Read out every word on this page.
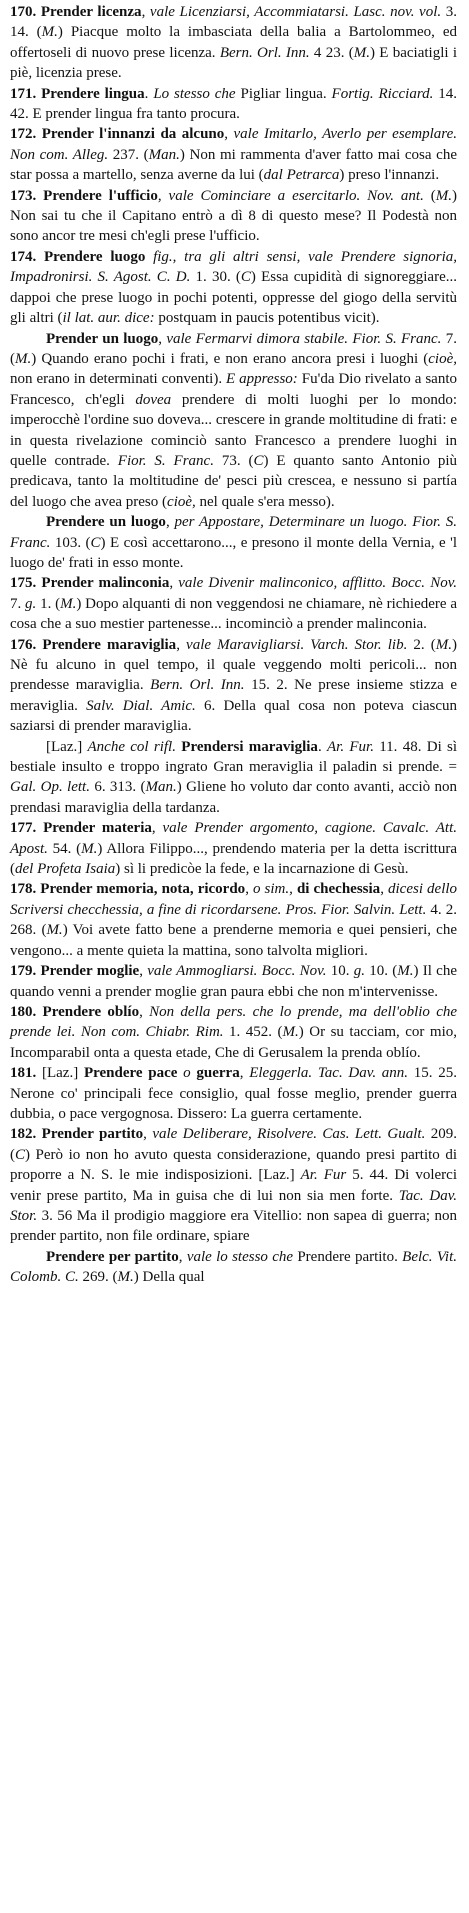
170. Prender licenza, vale Licenziarsi, Accommiatarsi. Lasc. nov. vol. 3. 14. (M.) Piacque molto la imbasciata della balia a Bartolommeo, ed offertoseli di nuovo prese licenza. Bern. Orl. Inn. 4 23. (M.) E baciatigli i piè, licenzia prese.

171. Prendere lingua. Lo stesso che Pigliar lingua. Fortig. Ricciard. 14. 42. E prender lingua fra tanto procura.

172. Prender l'innanzi da alcuno, vale Imitarlo, Averlo per esemplare. Non com. Alleg. 237. (Man.) Non mi rammenta d'aver fatto mai cosa che star possa a martello, senza averne da lui (dal Petrarca) preso l'innanzi.

173. Prendere l'ufficio, vale Cominciare a esercitarlo. Nov. ant. (M.) Non sai tu che il Capitano entrò a dì 8 di questo mese? Il Podestà non sono ancor tre mesi ch'egli prese l'ufficio.

174. Prendere luogo fig., tra gli altri sensi, vale Prendere signoria, Impadronirsi. S. Agost. C. D. 1. 30. (C) Essa cupidità di signoreggiare... dappoi che prese luogo in pochi potenti, oppresse del giogo della servitù gli altri (il lat. aur. dice: postquam in paucis potentibus vicit).

Prender un luogo, vale Fermarvi dimora stabile. Fior. S. Franc. 7. (M.) Quando erano pochi i frati, e non erano ancora presi i luoghi (cioè, non erano in determinati conventi). E appresso: Fu'da Dio rivelato a santo Francesco, ch'egli dovea prendere di molti luoghi per lo mondo: imperocchè l'ordine suo doveva... crescere in grande moltitudine di frati: e in questa rivelazione cominciò santo Francesco a prendere luoghi in quelle contrade. Fior. S. Franc. 73. (C) E quanto santo Antonio più predicava, tanto la moltitudine de' pesci più crescea, e nessuno si partía del luogo che avea preso (cioè, nel quale s'era messo).

Prendere un luogo, per Appostare, Determinare un luogo. Fior. S. Franc. 103. (C) E così accettarono..., e presono il monte della Vernia, e 'l luogo de' frati in esso monte.

175. Prender malinconia, vale Divenir malinconico, afflitto. Bocc. Nov. 7. g. 1. (M.) Dopo alquanti di non veggendosi ne chiamare, nè richiedere a cosa che a suo mestier partenesse... incominciò a prender malinconia.

176. Prendere maraviglia, vale Maravigliarsi. Varch. Stor. lib. 2. (M.) Nè fu alcuno in quel tempo, il quale veggendo molti pericoli... non prendesse maraviglia. Bern. Orl. Inn. 15. 2. Ne prese insieme stizza e meraviglia. Salv. Dial. Amic. 6. Della qual cosa non poteva ciascun saziarsi di prender maraviglia.

[Laz.] Anche col rifl. Prendersi maraviglia. Ar. Fur. 11. 48. Di sì bestiale insulto e troppo ingrato Gran meraviglia il paladin si prende. = Gal. Op. lett. 6. 313. (Man.) Gliene ho voluto dar conto avanti, acciò non prendasi maraviglia della tardanza.

177. Prender materia, vale Prender argomento, cagione. Cavalc. Att. Apost. 54. (M.) Allora Filippo..., prendendo materia per la detta iscrittura (del Profeta Isaia) sì li predicòe la fede, e la incarnazione di Gesù.

178. Prender memoria, nota, ricordo, o sim., di chechessia, dicesi dello Scriversi checchessia, a fine di ricordarsene. Pros. Fior. Salvin. Lett. 4. 2. 268. (M.) Voi avete fatto bene a prenderne memoria e quei pensieri, che vengono... a mente quieta la mattina, sono talvolta migliori.

179. Prender moglie, vale Ammogliarsi. Bocc. Nov. 10. g. 10. (M.) Il che quando venni a prender moglie gran paura ebbi che non m'intervenisse.

180. Prendere oblío, Non della pers. che lo prende, ma dell'oblio che prende lei. Non com. Chiabr. Rim. 1. 452. (M.) Or su tacciam, cor mio, Incomparabil onta a questa etade, Che di Gerusalem la prenda oblío.

181. [Laz.] Prendere pace o guerra, Eleggerla. Tac. Dav. ann. 15. 25. Nerone co' principali fece consiglio, qual fosse meglio, prender guerra dubbia, o pace vergognosa. Dissero: La guerra certamente.

182. Prender partito, vale Deliberare, Risolvere. Cas. Lett. Gualt. 209. (C) Però io non ho avuto questa considerazione, quando presi partito di proporre a N. S. le mie indisposizioni. [Laz.] Ar. Fur 5. 44. Di volerci venir prese partito, Ma in guisa che di lui non sia men forte. Tac. Dav. Stor. 3. 56 Ma il prodigio maggiore era Vitellio: non sapea di guerra; non prender partito, non file ordinare, spiare

Prendere per partito, vale lo stesso che Prendere partito. Belc. Vit. Colomb. C. 269. (M.) Della qual
